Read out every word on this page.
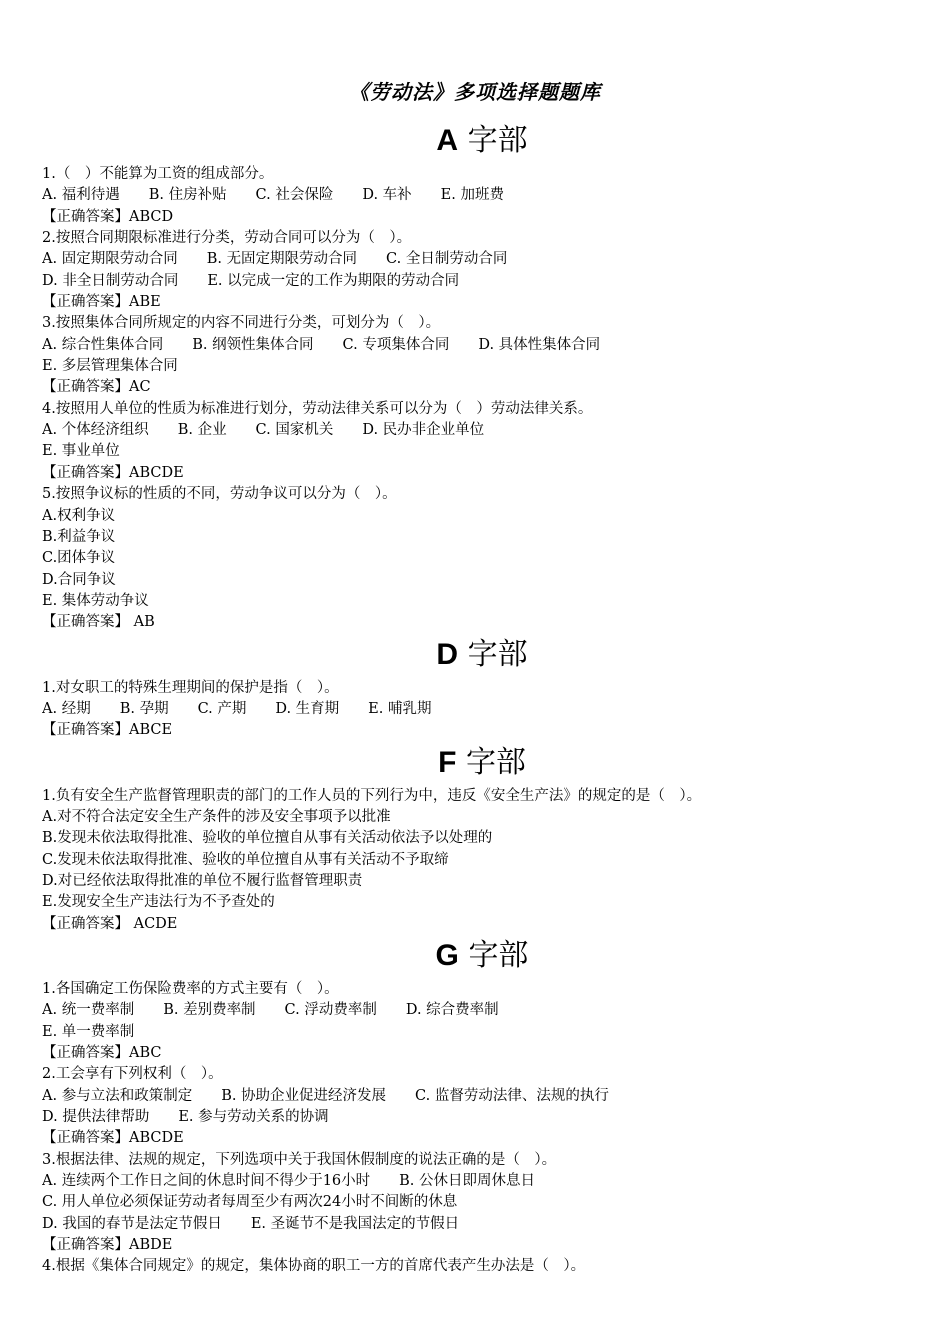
《劳动法》多项选择题题库
A 字部
1.（　）不能算为工资的组成部分。
A. 福利待遇　　B. 住房补贴　　C. 社会保险　　D. 车补　　E. 加班费
【正确答案】ABCD
2.按照合同期限标准进行分类，劳动合同可以分为（　）。
A. 固定期限劳动合同　　B. 无固定期限劳动合同　　C. 全日制劳动合同
D. 非全日制劳动合同　　E. 以完成一定的工作为期限的劳动合同
【正确答案】ABE
3.按照集体合同所规定的内容不同进行分类，可划分为（　）。
A. 综合性集体合同　　B. 纲领性集体合同　　C. 专项集体合同　　D. 具体性集体合同
E. 多层管理集体合同
【正确答案】AC
4.按照用人单位的性质为标准进行划分，劳动法律关系可以分为（　）劳动法律关系。
A. 个体经济组织　　B. 企业　　C. 国家机关　　D. 民办非企业单位
E. 事业单位
【正确答案】ABCDE
5.按照争议标的性质的不同，劳动争议可以分为（　）。
A.权利争议
B.利益争议
C.团体争议
D.合同争议
E. 集体劳动争议
【正确答案】 AB
D 字部
1.对女职工的特殊生理期间的保护是指（　）。
A. 经期　　B. 孕期　　C. 产期　　D. 生育期　　E. 哺乳期
【正确答案】ABCE
F 字部
1.负有安全生产监督管理职责的部门的工作人员的下列行为中，违反《安全生产法》的规定的是（　）。
A.对不符合法定安全生产条件的涉及安全事项予以批准
B.发现未依法取得批准、验收的单位擅自从事有关活动依法予以处理的
C.发现未依法取得批准、验收的单位擅自从事有关活动不予取缔
D.对已经依法取得批准的单位不履行监督管理职责
E.发现安全生产违法行为不予查处的
【正确答案】 ACDE
G 字部
1.各国确定工伤保险费率的方式主要有（　）。
A. 统一费率制　　B. 差别费率制　　C. 浮动费率制　　D. 综合费率制
E. 单一费率制
【正确答案】ABC
2.工会享有下列权利（　）。
A. 参与立法和政策制定　　B. 协助企业促进经济发展　　C. 监督劳动法律、法规的执行
D. 提供法律帮助　　E. 参与劳动关系的协调
【正确答案】ABCDE
3.根据法律、法规的规定，下列选项中关于我国休假制度的说法正确的是（　）。
A. 连续两个工作日之间的休息时间不得少于16小时　　B. 公休日即周休息日
C. 用人单位必须保证劳动者每周至少有两次24小时不间断的休息
D. 我国的春节是法定节假日　　E. 圣诞节不是我国法定的节假日
【正确答案】ABDE
4.根据《集体合同规定》的规定，集体协商的职工一方的首席代表产生办法是（　）。
